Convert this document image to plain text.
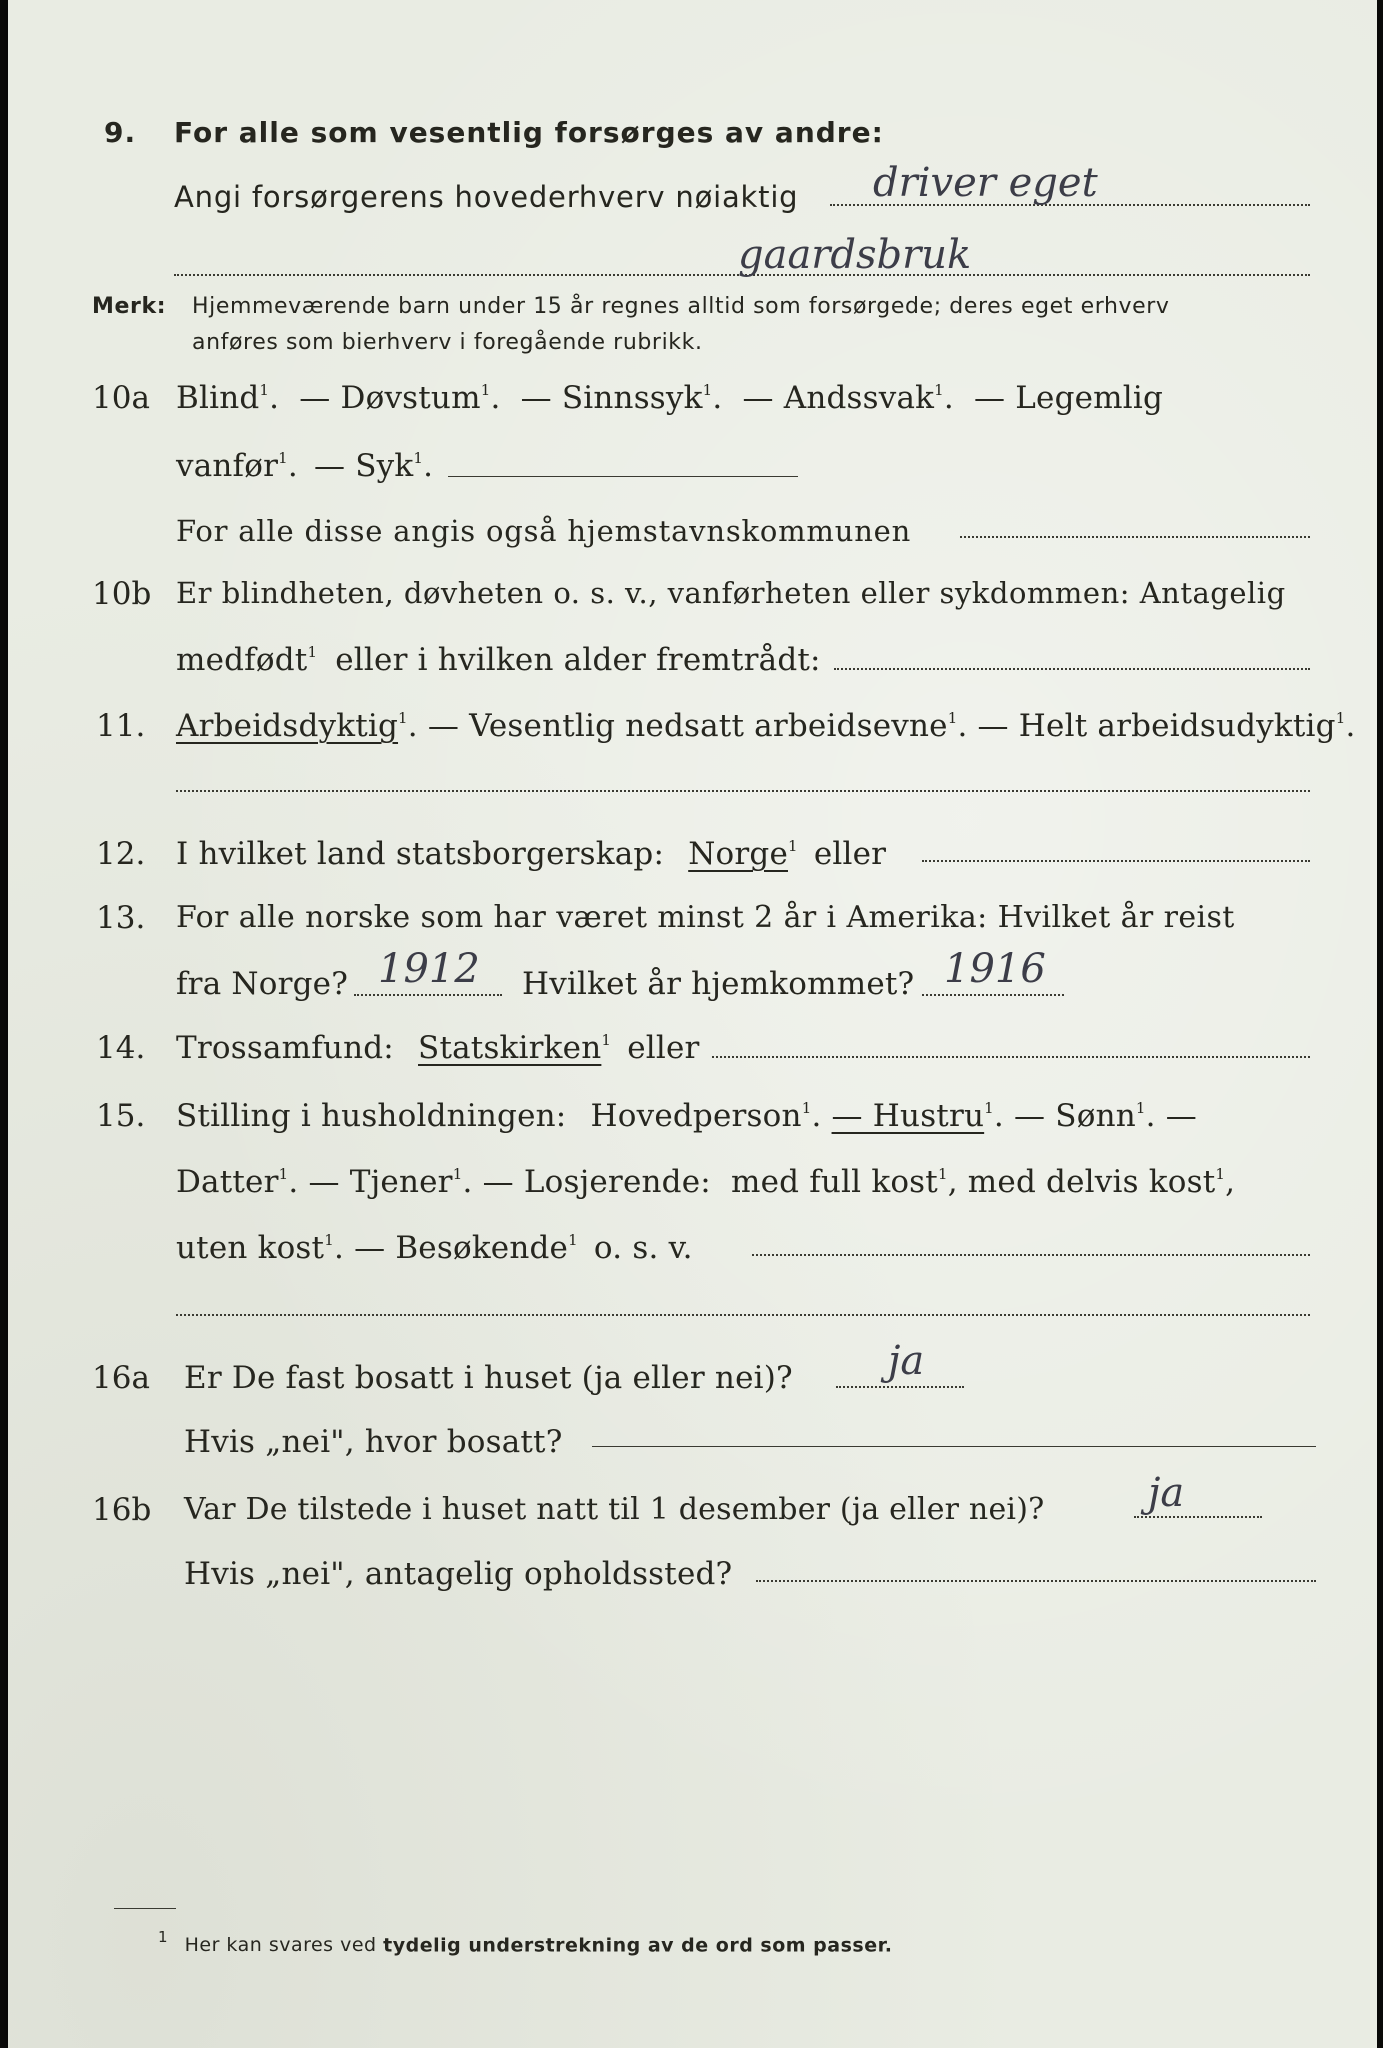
9. For alle som vesentlig forsørges av andre:
Angi forsørgerens hovederhverv nøiaktig driver eget
gaardsbruk
Merk: Hjemmeværende barn under 15 år regnes alltid som forsørgede; deres eget erhverv
anføres som bierhverv i foregående rubrikk.
10a Blind$^1$. — Døvstum$^1$. — Sinnssyk$^1$. — Andssvak$^1$. — Legemlig
vanfør$^1$. — Syk$^1$.
For alle disse angis også hjemstavnskommunen
10b Er blindheten, døvheten o. s. v., vanførheten eller sykdommen: Antagelig
medfødt$^1$ eller i hvilken alder fremtrådt:
11. Arbeidsdyktig$^1$. — Vesentlig nedsatt arbeidsevne$^1$. — Helt arbeidsudyktig$^1$.
12. I hvilket land statsborgerskap: Norge$^1$ eller
13. For alle norske som har været minst 2 år i Amerika: Hvilket år reist
fra Norge? 1912 Hvilket år hjemkommet? 1916
14. Trossamfund: Statskirken$^1$ eller
15. Stilling i husholdningen: Hovedperson$^1$. — Hustru$^1$. — Sønn$^1$. —
Datter$^1$. — Tjener$^1$. — Losjerende: med full kost$^1$, med delvis kost$^1$,
uten kost$^1$. — Besøkende$^1$ o. s. v.
16a Er De fast bosatt i huset (ja eller nei)? ja
Hvis „nei", hvor bosatt?
16b Var De tilstede i huset natt til 1 desember (ja eller nei)?	ja
Hvis „nei", antagelig opholdssted?
$^1$ Her kan svares ved tydelig understrekning av de ord som passer.
